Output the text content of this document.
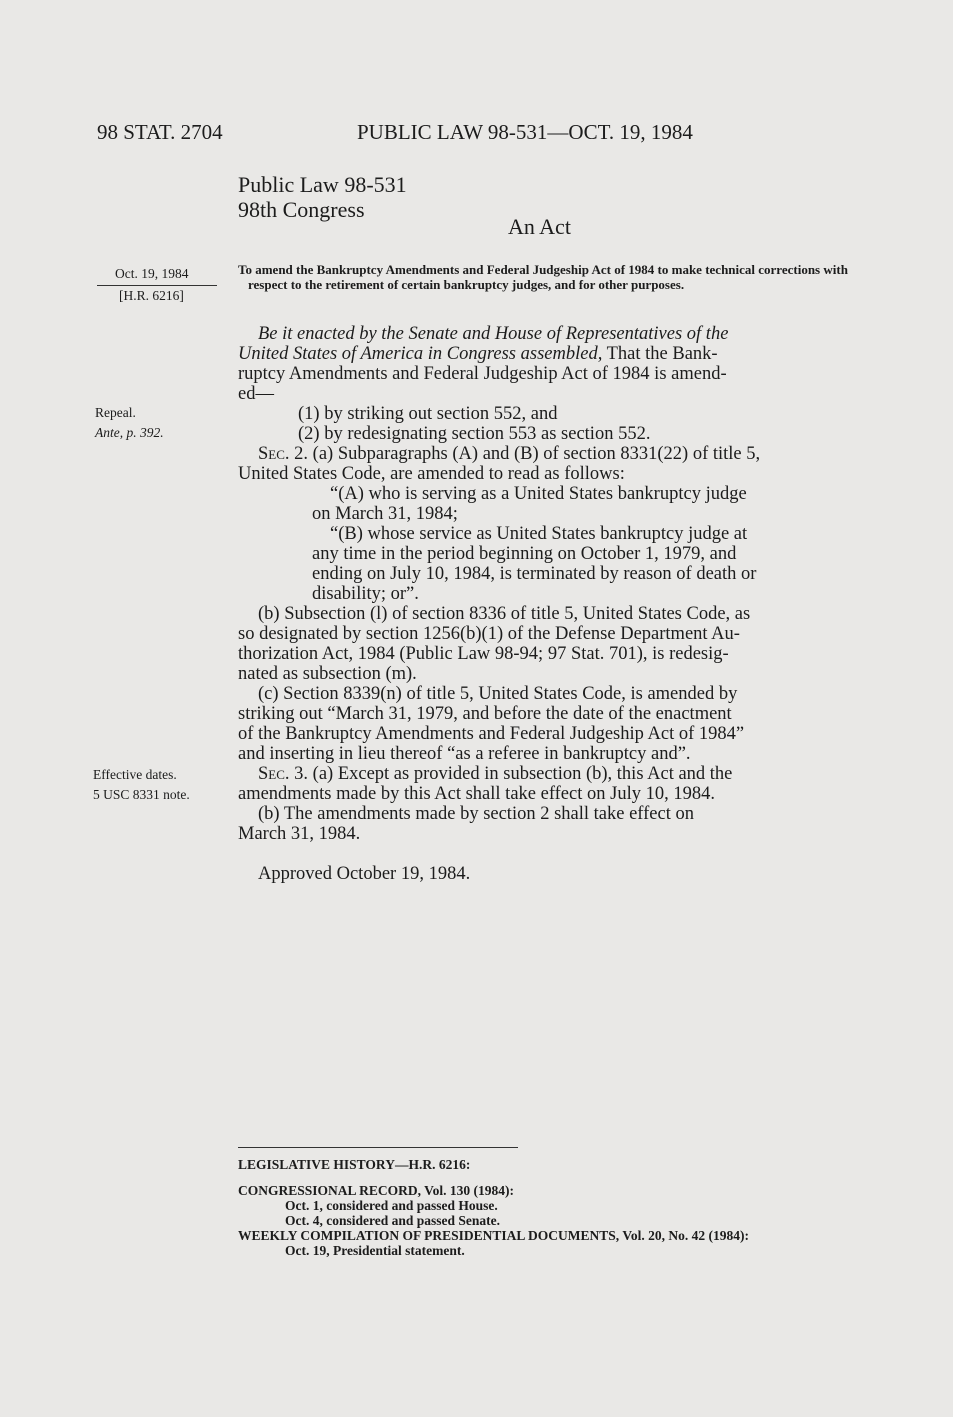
98 STAT. 2704	PUBLIC LAW 98-531—OCT. 19, 1984
Public Law 98-531
98th Congress
An Act
Oct. 19, 1984
[H.R. 6216]
Repeal.
Ante, p. 392.
Effective dates.
5 USC 8331 note.
To amend the Bankruptcy Amendments and Federal Judgeship Act of 1984 to make technical corrections with respect to the retirement of certain bankruptcy judges, and for other purposes.
Be it enacted by the Senate and House of Representatives of the
United States of America in Congress assembled, That the Bank-
ruptcy Amendments and Federal Judgeship Act of 1984 is amend-
ed—
(1) by striking out section 552, and
(2) by redesignating section 553 as section 552.
Sec. 2. (a) Subparagraphs (A) and (B) of section 8331(22) of title 5,
United States Code, are amended to read as follows:
“(A) who is serving as a United States bankruptcy judge
on March 31, 1984;
“(B) whose service as United States bankruptcy judge at
any time in the period beginning on October 1, 1979, and
ending on July 10, 1984, is terminated by reason of death or
disability; or”.
(b) Subsection (l) of section 8336 of title 5, United States Code, as
so designated by section 1256(b)(1) of the Defense Department Au-
thorization Act, 1984 (Public Law 98-94; 97 Stat. 701), is redesig-
nated as subsection (m).
(c) Section 8339(n) of title 5, United States Code, is amended by
striking out “March 31, 1979, and before the date of the enactment
of the Bankruptcy Amendments and Federal Judgeship Act of 1984”
and inserting in lieu thereof “as a referee in bankruptcy and”.
Sec. 3. (a) Except as provided in subsection (b), this Act and the
amendments made by this Act shall take effect on July 10, 1984.
(b) The amendments made by section 2 shall take effect on
March 31, 1984.
Approved October 19, 1984.
LEGISLATIVE HISTORY—H.R. 6216:
CONGRESSIONAL RECORD, Vol. 130 (1984):
Oct. 1, considered and passed House.
Oct. 4, considered and passed Senate.
WEEKLY COMPILATION OF PRESIDENTIAL DOCUMENTS, Vol. 20, No. 42 (1984):
Oct. 19, Presidential statement.
